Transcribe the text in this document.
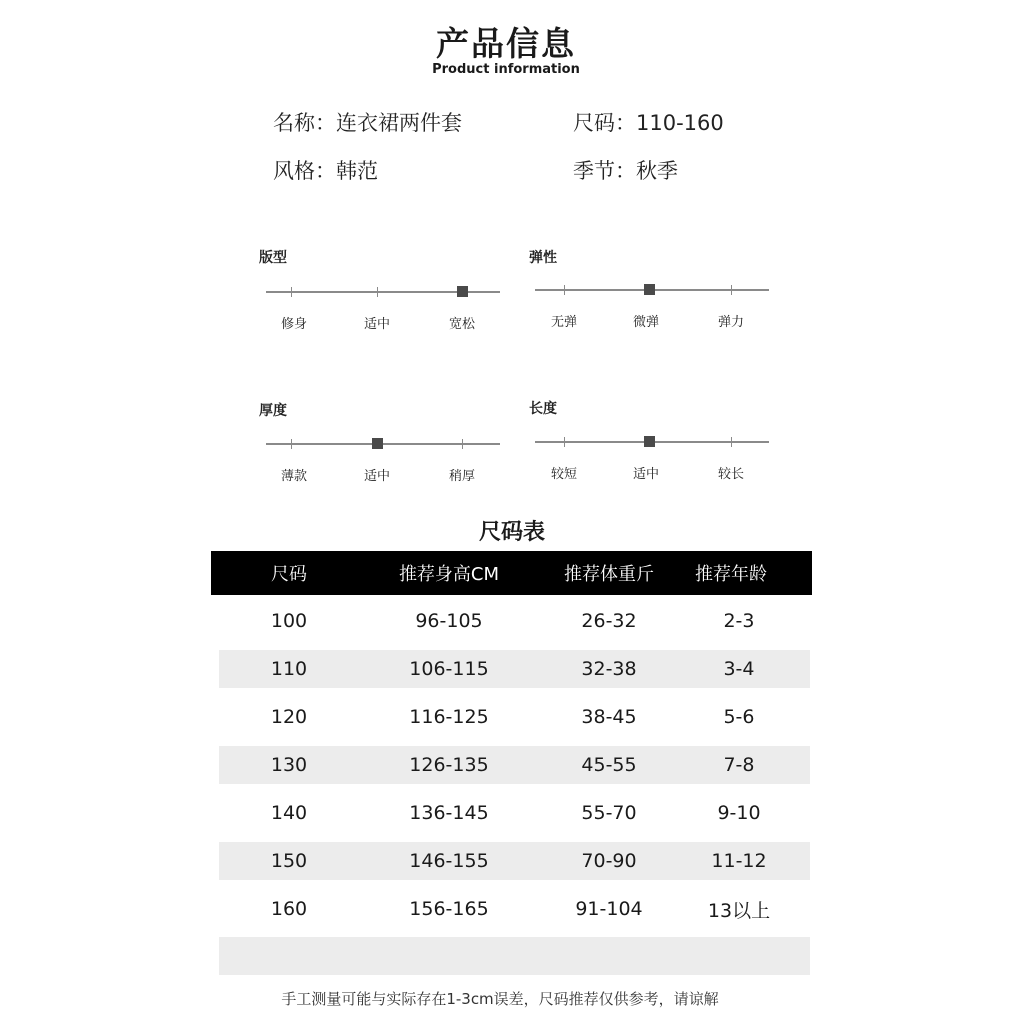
产品信息
Product information
名称：连衣裙两件套	尺码：110-160
风格：韩范	季节：秋季
版型
修身	适中	宽松
弹性
无弹	微弹	弹力
厚度
薄款	适中	稍厚
长度
较短	适中	较长
尺码表
尺码	推荐身高CM	推荐体重斤	推荐年龄
100	96-105	26-32	2-3
110	106-115	32-38	3-4
120	116-125	38-45	5-6
130	126-135	45-55	7-8
140	136-145	55-70	9-10
150	146-155	70-90	11-12
160	156-165	91-104	13以上
手工测量可能与实际存在1-3cm误差，尺码推荐仅供参考，请谅解
